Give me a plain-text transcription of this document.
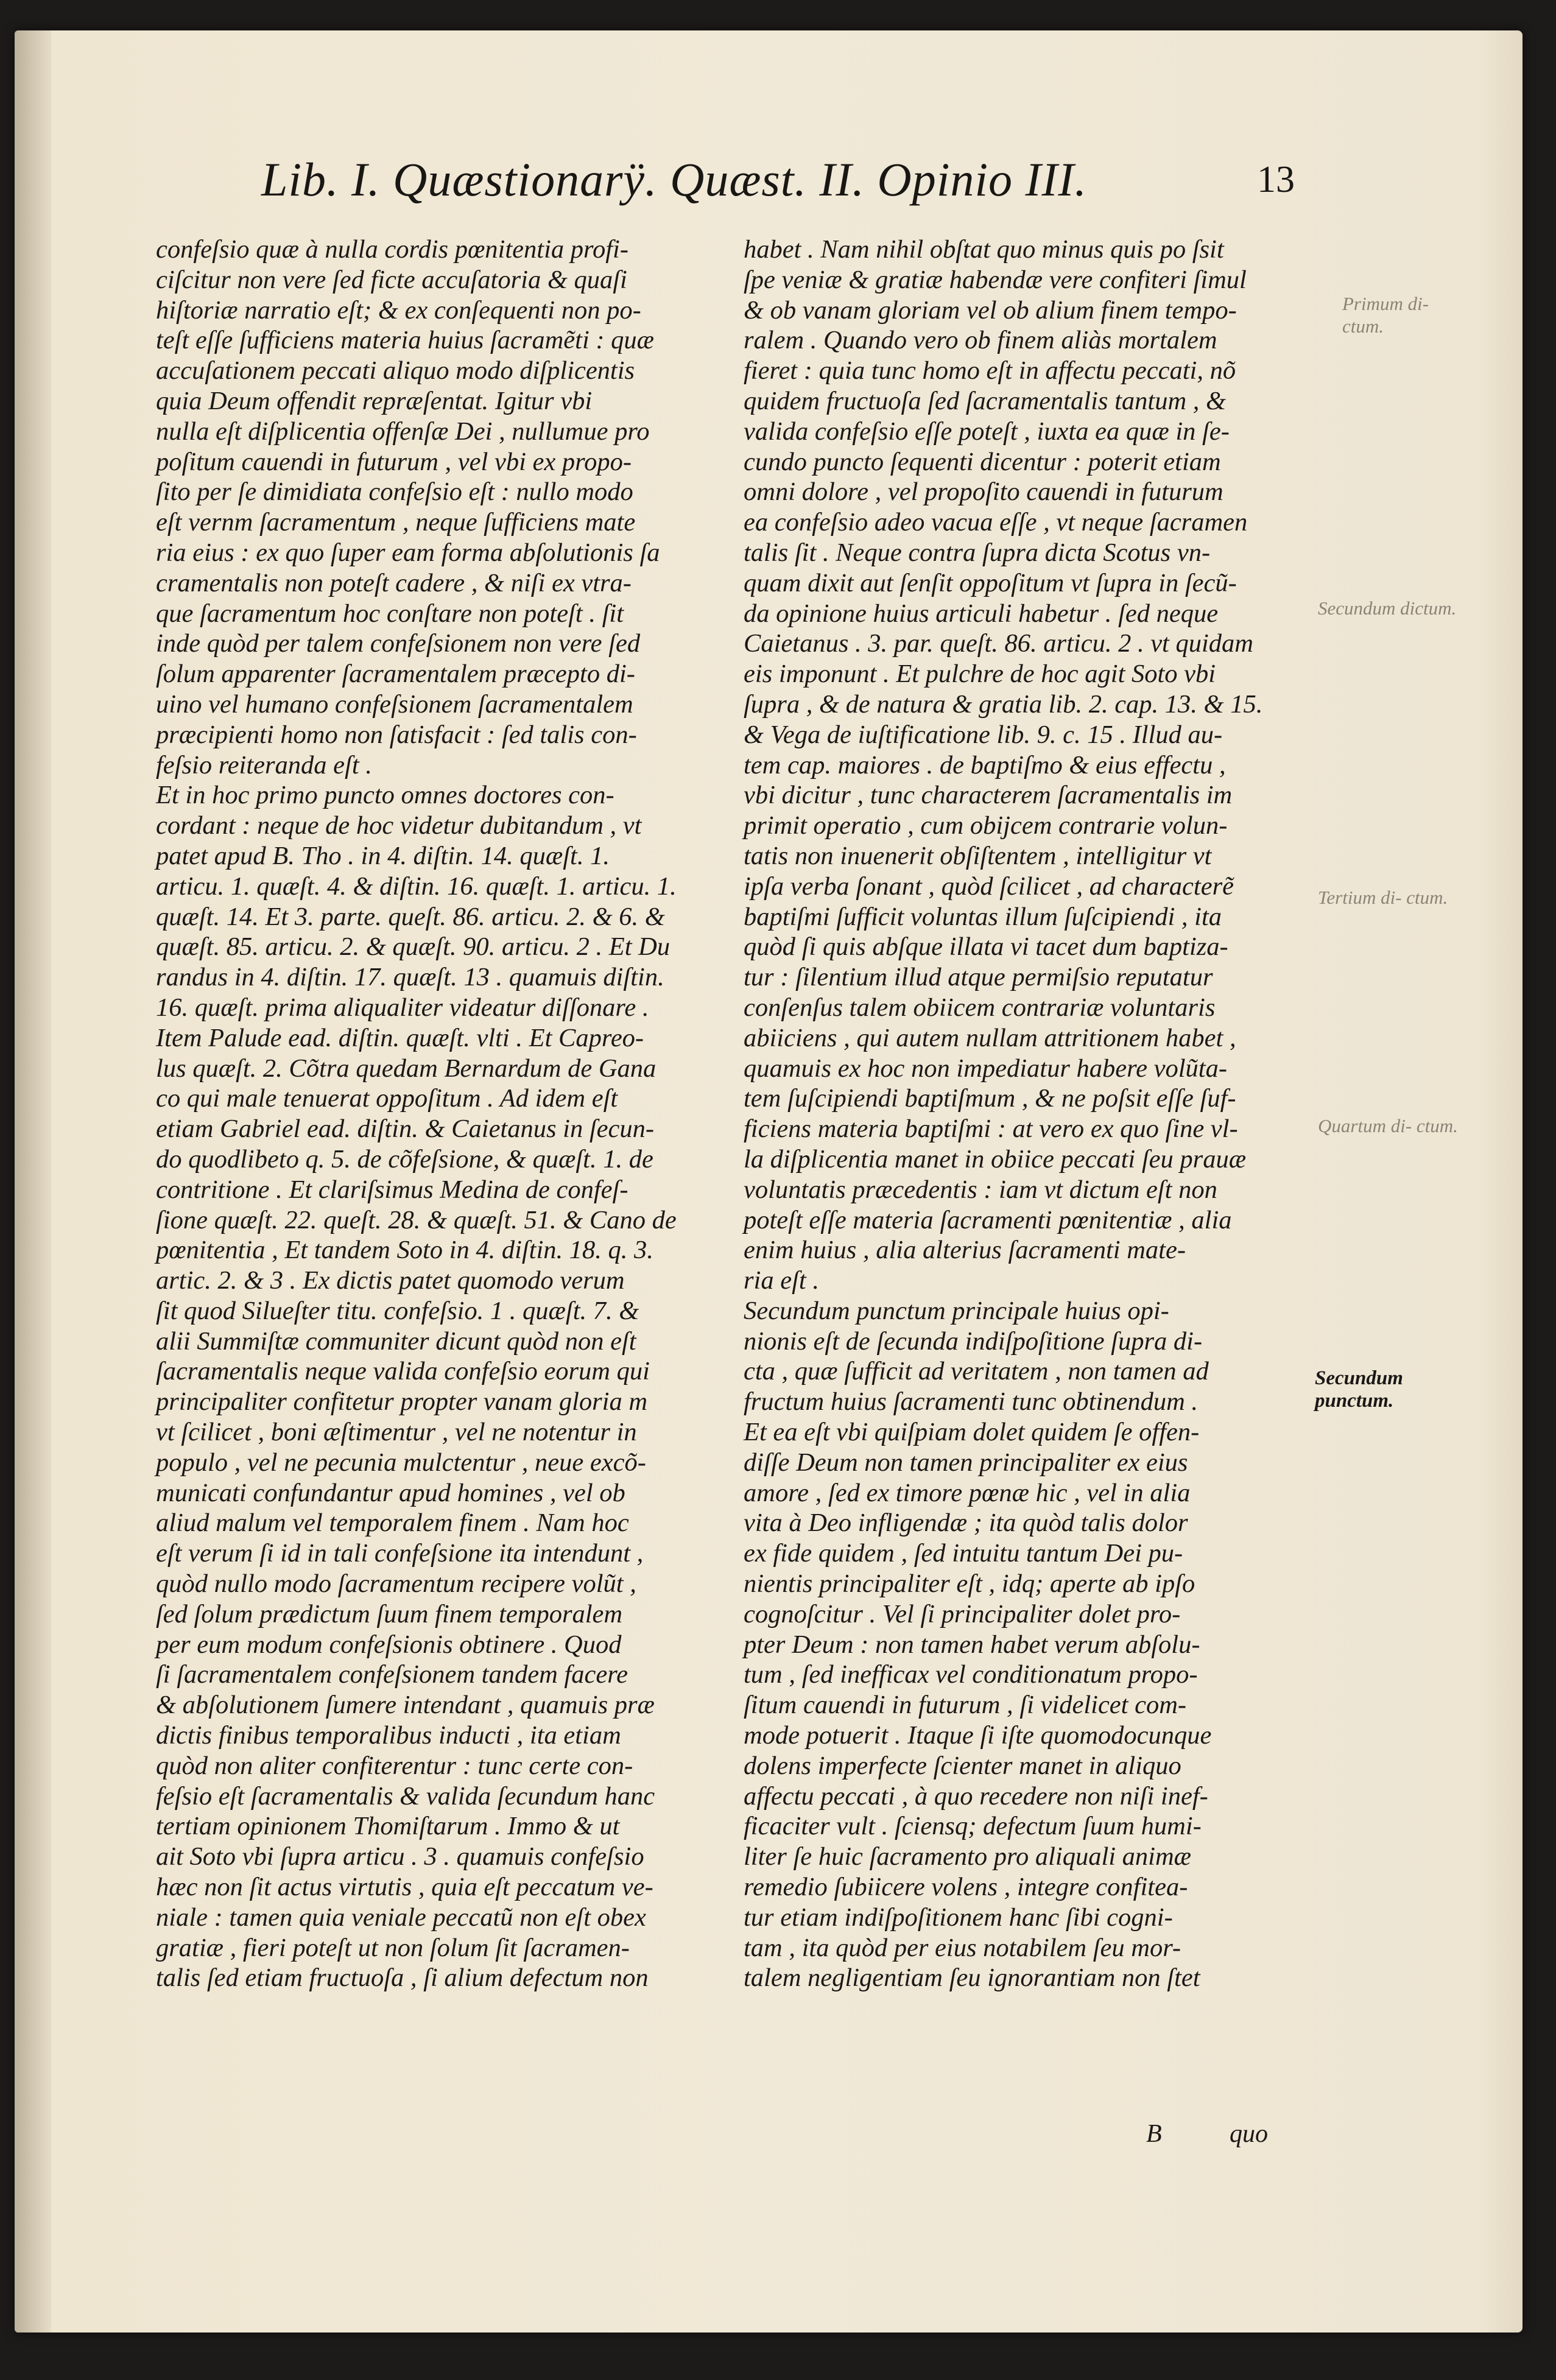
Lib. I. Quæstionarÿ. Quæst. II. Opinio III.	13
confeſsio quæ à nulla cordis pœnitentia profi-
ciſcitur non vere ſed ficte accuſatoria & quaſi
hiſtoriæ narratio eſt; & ex conſequenti non po-
teſt eſſe ſufficiens materia huius ſacramẽti : quæ
accuſationem peccati aliquo modo diſplicentis
quia Deum offendit repræſentat. Igitur vbi
nulla eſt diſplicentia offenſæ Dei , nullumue pro
poſitum cauendi in futurum , vel vbi ex propo-
ſito per ſe dimidiata confeſsio eſt : nullo modo
eſt vernm ſacramentum , neque ſufficiens mate
ria eius : ex quo ſuper eam forma abſolutionis ſa
cramentalis non poteſt cadere , & niſi ex vtra-
que ſacramentum hoc conſtare non poteſt . ſit
inde quòd per talem confeſsionem non vere ſed
ſolum apparenter ſacramentalem præcepto di-
uino vel humano confeſsionem ſacramentalem
præcipienti homo non ſatisfacit : ſed talis con-
feſsio reiteranda eſt .
Et in hoc primo puncto omnes doctores con-
cordant : neque de hoc videtur dubitandum , vt
patet apud B. Tho . in 4. diſtin. 14. quæſt. 1.
articu. 1. quæſt. 4. & diſtin. 16. quæſt. 1. articu. 1.
quæſt. 14. Et 3. parte. queſt. 86. articu. 2. & 6. &
quæſt. 85. articu. 2. & quæſt. 90. articu. 2 . Et Du
randus in 4. diſtin. 17. quæſt. 13 . quamuis diſtin.
16. quæſt. prima aliqualiter videatur diſſonare .
Item Palude ead. diſtin. quæſt. vlti . Et Capreo-
lus quæſt. 2. Cõtra quedam Bernardum de Gana
co qui male tenuerat oppoſitum . Ad idem eſt
etiam Gabriel ead. diſtin. & Caietanus in ſecun-
do quodlibeto q. 5. de cõfeſsione, & quæſt. 1. de
contritione . Et clariſsimus Medina de confeſ-
ſione quæſt. 22. queſt. 28. & quæſt. 51. & Cano de
pœnitentia , Et tandem Soto in 4. diſtin. 18. q. 3.
artic. 2. & 3 . Ex dictis patet quomodo verum
ſit quod Silueſter titu. confeſsio. 1 . quæſt. 7. &
alii Summiſtæ communiter dicunt quòd non eſt
ſacramentalis neque valida confeſsio eorum qui
principaliter confitetur propter vanam gloria m
vt ſcilicet , boni æſtimentur , vel ne notentur in
populo , vel ne pecunia mulctentur , neue excõ-
municati confundantur apud homines , vel ob
aliud malum vel temporalem finem . Nam hoc
eſt verum ſi id in tali confeſsione ita intendunt ,
quòd nullo modo ſacramentum recipere volũt ,
ſed ſolum prædictum ſuum finem temporalem
per eum modum confeſsionis obtinere . Quod
ſi ſacramentalem confeſsionem tandem facere
& abſolutionem ſumere intendant , quamuis præ
dictis finibus temporalibus inducti , ita etiam
quòd non aliter confiterentur : tunc certe con-
feſsio eſt ſacramentalis & valida ſecundum hanc
tertiam opinionem Thomiſtarum . Immo & ut
ait Soto vbi ſupra articu . 3 . quamuis confeſsio
hæc non ſit actus virtutis , quia eſt peccatum ve-
niale : tamen quia veniale peccatũ non eſt obex
gratiæ , fieri poteſt ut non ſolum ſit ſacramen-
talis ſed etiam fructuoſa , ſi alium defectum non
habet . Nam nihil obſtat quo minus quis po ſsit
ſpe veniæ & gratiæ habendæ vere confiteri ſimul
& ob vanam gloriam vel ob alium finem tempo-
ralem . Quando vero ob finem aliàs mortalem
fieret : quia tunc homo eſt in affectu peccati, nõ
quidem fructuoſa ſed ſacramentalis tantum , &
valida confeſsio eſſe poteſt , iuxta ea quæ in ſe-
cundo puncto ſequenti dicentur : poterit etiam
omni dolore , vel propoſito cauendi in futurum
ea confeſsio adeo vacua eſſe , vt neque ſacramen
talis ſit . Neque contra ſupra dicta Scotus vn-
quam dixit aut ſenſit oppoſitum vt ſupra in ſecũ-
da opinione huius articuli habetur . ſed neque
Caietanus . 3. par. queſt. 86. articu. 2 . vt quidam
eis imponunt . Et pulchre de hoc agit Soto vbi
ſupra , & de natura & gratia lib. 2. cap. 13. & 15.
& Vega de iuſtificatione lib. 9. c. 15 . Illud au-
tem cap. maiores . de baptiſmo & eius effectu ,
vbi dicitur , tunc characterem ſacramentalis im
primit operatio , cum obijcem contrarie volun-
tatis non inuenerit obſiſtentem , intelligitur vt
ipſa verba ſonant , quòd ſcilicet , ad characterẽ
baptiſmi ſufficit voluntas illum ſuſcipiendi , ita
quòd ſi quis abſque illata vi tacet dum baptiza-
tur : ſilentium illud atque permiſsio reputatur
conſenſus talem obiicem contrariæ voluntaris
abiiciens , qui autem nullam attritionem habet ,
quamuis ex hoc non impediatur habere volũta-
tem ſuſcipiendi baptiſmum , & ne poſsit eſſe ſuf-
ficiens materia baptiſmi : at vero ex quo ſine vl-
la diſplicentia manet in obiice peccati ſeu prauæ
voluntatis præcedentis : iam vt dictum eſt non
poteſt eſſe materia ſacramenti pœnitentiæ , alia
enim huius , alia alterius ſacramenti mate-
ria eſt .
Secundum punctum principale huius opi-
nionis eſt de ſecunda indiſpoſitione ſupra di-
cta , quæ ſufficit ad veritatem , non tamen ad
fructum huius ſacramenti tunc obtinendum .
Et ea eſt vbi quiſpiam dolet quidem ſe offen-
diſſe Deum non tamen principaliter ex eius
amore , ſed ex timore pœnæ hic , vel in alia
vita à Deo infligendæ ; ita quòd talis dolor
ex fide quidem , ſed intuitu tantum Dei pu-
nientis principaliter eſt , idq; aperte ab ipſo
cognoſcitur . Vel ſi principaliter dolet pro-
pter Deum : non tamen habet verum abſolu-
tum , ſed inefficax vel conditionatum propo-
ſitum cauendi in futurum , ſi videlicet com-
mode potuerit . Itaque ſi iſte quomodocunque
dolens imperfecte ſcienter manet in aliquo
affectu peccati , à quo recedere non niſi inef-
ficaciter vult . ſciensq; defectum ſuum humi-
liter ſe huic ſacramento pro aliquali animæ
remedio ſubiicere volens , integre confitea-
tur etiam indiſpoſitionem hanc ſibi cogni-
tam , ita quòd per eius notabilem ſeu mor-
talem negligentiam ſeu ignorantiam non ſtet
Primum di- ctum.
Secundum dictum.
Tertium di- ctum.
Quartum di- ctum.
Secundum punctum.
B	quo
